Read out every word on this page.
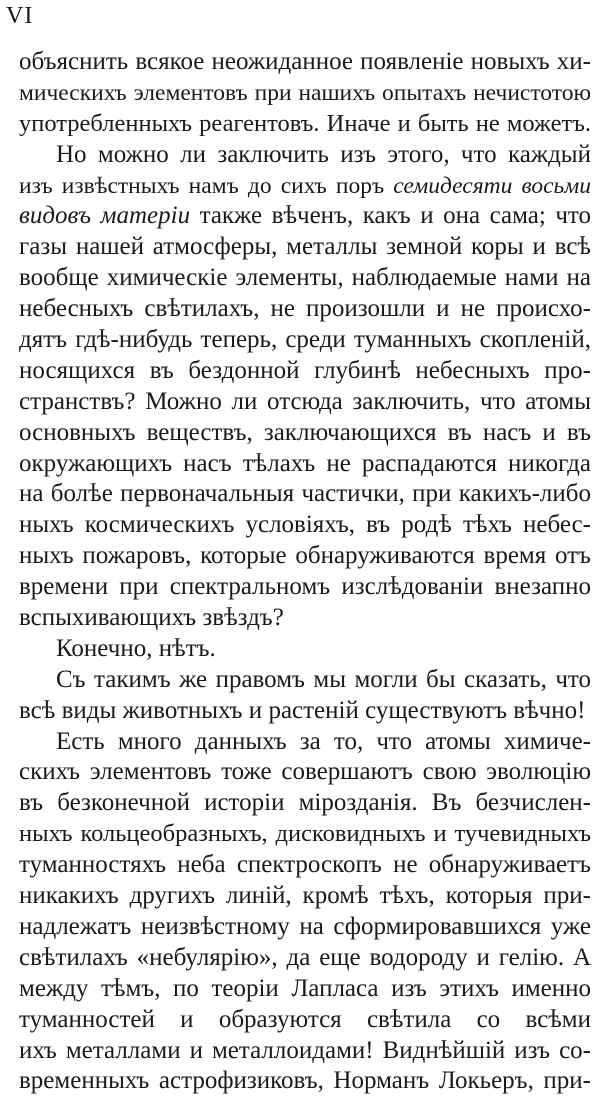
VI
объяснить всякое неожиданное появленіе новыхъ хи-
мическихъ элементовъ при нашихъ опытахъ нечистотою
употребленныхъ реагентовъ. Иначе и быть не можетъ.
Но можно ли заключить изъ этого, что каждый
изъ извѣстныхъ намъ до сихъ поръ семидесяти восьми
видовъ матеріи также вѣченъ, какъ и она сама; что
газы нашей атмосферы, металлы земной коры и всѣ
вообще химическіе элементы, наблюдаемые нами на
небесныхъ свѣтилахъ, не произошли и не происхо-
дятъ гдѣ-нибудь теперь, среди туманныхъ скопленій,
носящихся въ бездонной глубинѣ небесныхъ про-
странствъ? Можно ли отсюда заключить, что атомы
основныхъ веществъ, заключающихся въ насъ и въ
окружающихъ насъ тѣлахъ не распадаются никогда
на болѣе первоначальныя частички, при какихъ-либо
ныхъ космическихъ условіяхъ, въ родѣ тѣхъ небес-
ныхъ пожаровъ, которые обнаруживаются время отъ
времени при спектральномъ изслѣдованіи внезапно
вспыхивающихъ звѣздъ?
Конечно, нѣтъ.
Съ такимъ же правомъ мы могли бы сказать, что
всѣ виды животныхъ и растеній существуютъ вѣчно!
Есть много данныхъ за то, что атомы химиче-
скихъ элементовъ тоже совершаютъ свою эволюцію
въ безконечной исторіи мірозданія. Въ безчислен-
ныхъ кольцеобразныхъ, дисковидныхъ и тучевидныхъ
туманностяхъ неба спектроскопъ не обнаруживаетъ
никакихъ другихъ линій, кромѣ тѣхъ, которыя при-
надлежатъ неизвѣстному на сформировавшихся уже
свѣтилахъ «небулярію», да еще водороду и гелію. А
между тѣмъ, по теоріи Лапласа изъ этихъ именно
туманностей и образуются свѣтила со всѣми
ихъ металлами и металлоидами! Виднѣйшій изъ со-
временныхъ астрофизиковъ, Норманъ Локьеръ, при-
